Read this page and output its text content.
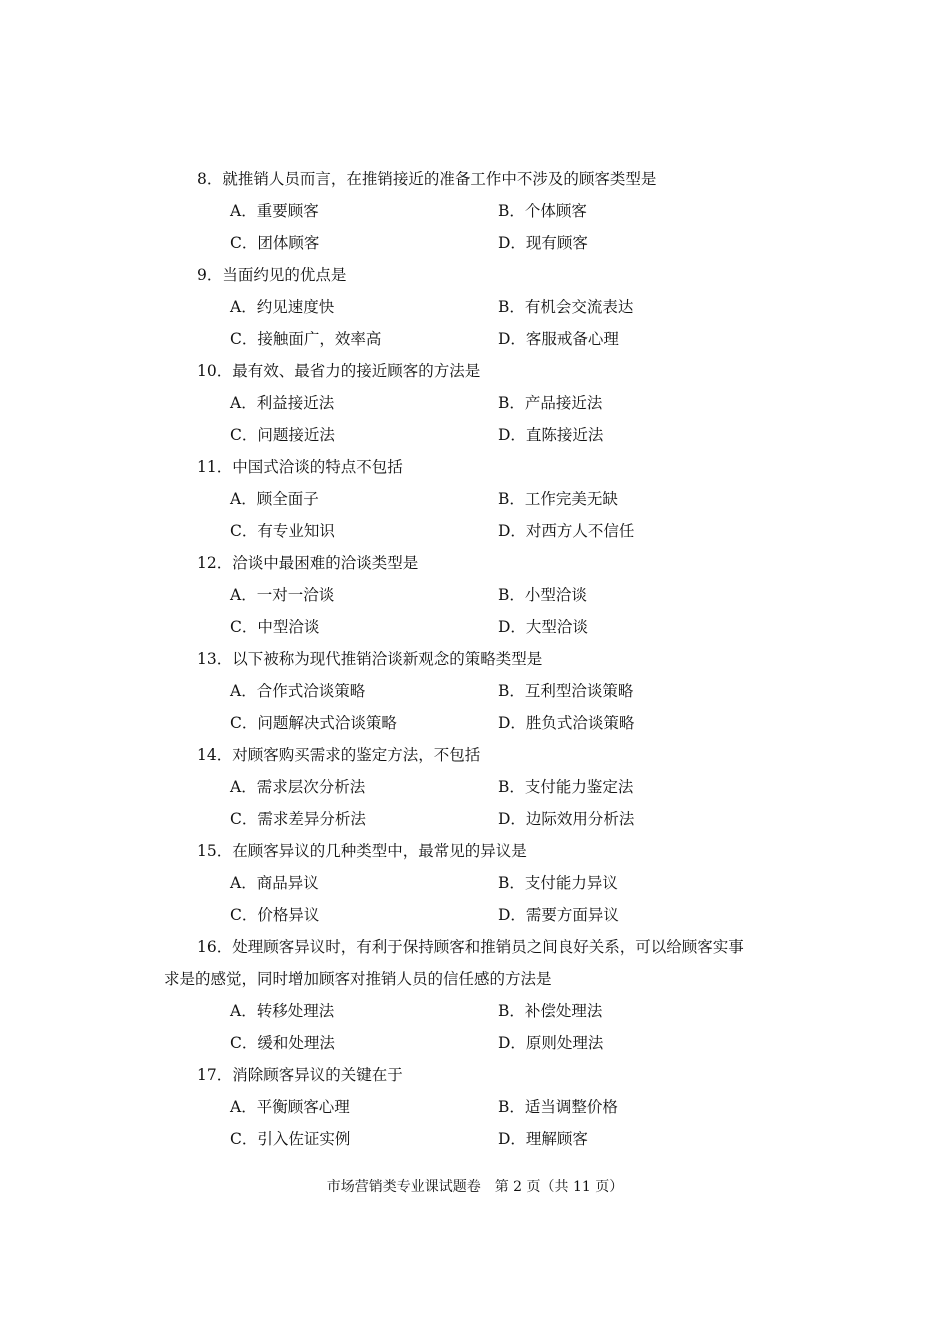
8．就推销人员而言，在推销接近的准备工作中不涉及的顾客类型是
A．重要顾客	B．个体顾客
C．团体顾客	D．现有顾客
9．当面约见的优点是
A．约见速度快	B．有机会交流表达
C．接触面广，效率高	D．客服戒备心理
10．最有效、最省力的接近顾客的方法是
A．利益接近法	B．产品接近法
C．问题接近法	D．直陈接近法
11．中国式洽谈的特点不包括
A．顾全面子	B．工作完美无缺
C．有专业知识	D．对西方人不信任
12．洽谈中最困难的洽谈类型是
A．一对一洽谈	B．小型洽谈
C．中型洽谈	D．大型洽谈
13．以下被称为现代推销洽谈新观念的策略类型是
A．合作式洽谈策略	B．互利型洽谈策略
C．问题解决式洽谈策略	D．胜负式洽谈策略
14．对顾客购买需求的鉴定方法，不包括
A．需求层次分析法	B．支付能力鉴定法
C．需求差异分析法	D．边际效用分析法
15．在顾客异议的几种类型中，最常见的异议是
A．商品异议	B．支付能力异议
C．价格异议	D．需要方面异议
16．处理顾客异议时，有利于保持顾客和推销员之间良好关系，可以给顾客实事
求是的感觉，同时增加顾客对推销人员的信任感的方法是
A．转移处理法	B．补偿处理法
C．缓和处理法	D．原则处理法
17．消除顾客异议的关键在于
A．平衡顾客心理	B．适当调整价格
C．引入佐证实例	D．理解顾客
市场营销类专业课试题卷　第 2 页（共 11 页）
